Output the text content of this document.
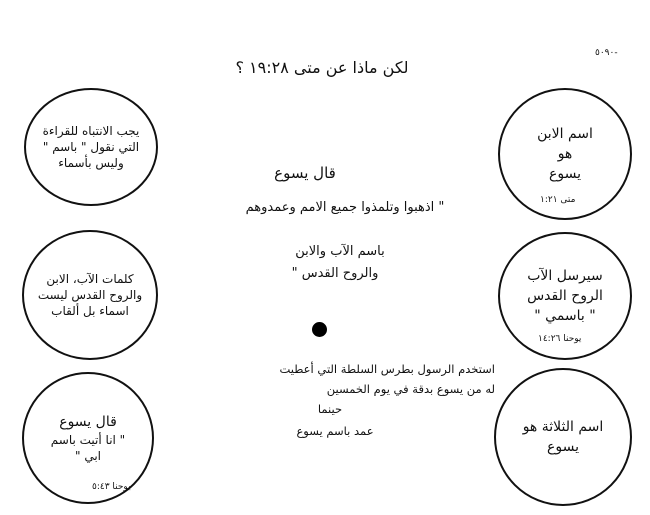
٥٠٩٠-
لكن ماذا عن متى ١٩:٢٨ ؟
يجب الانتباه للقراءة
التي نقول " باسم "
وليس بأسماء
كلمات الآب، الابن
والروح القدس ليست
اسماء بل ألقاب
قال يسوع
" انا أتيت باسم
ابي "
يوحنا ٥:٤٣
اسم الابن
هو
يسوع
متى ١:٢١
سيرسل الآب
الروح القدس
" باسمي "
يوحنا ١٤:٢٦
اسم الثلاثة هو
يسوع
قال يسوع
" اذهبوا وتلمذوا جميع الامم وعمدوهم
باسم الآب والابن
والروح القدس "
استخدم الرسول بطرس السلطة التي أعطيت
له من يسوع بدقة في يوم الخمسين
حينما
عمد باسم يسوع
